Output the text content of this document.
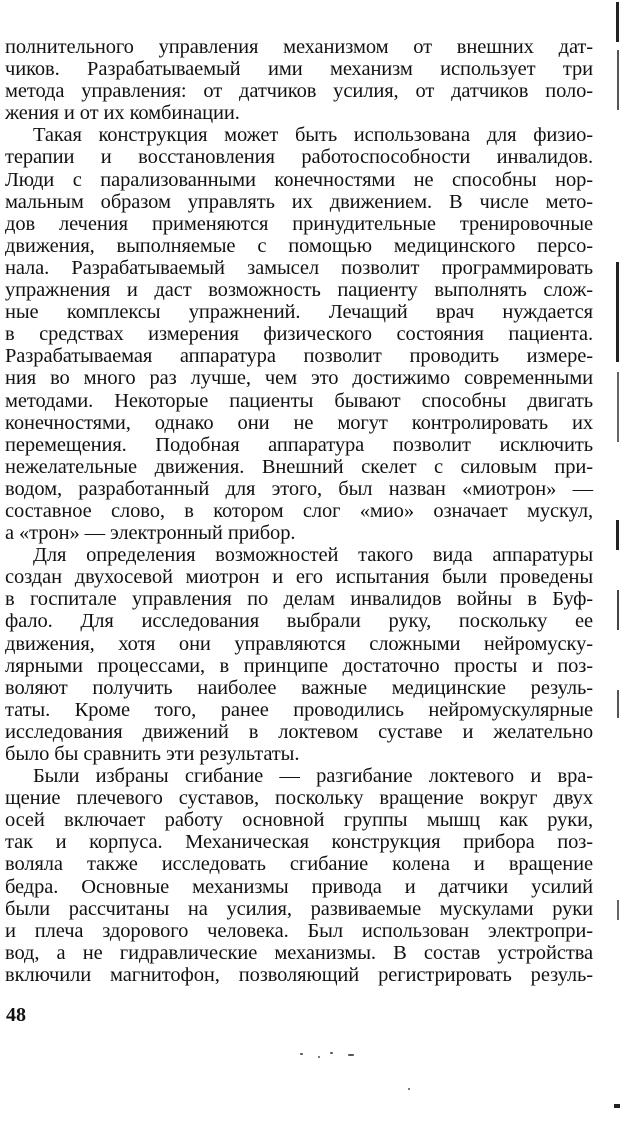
полнительного управления механизмом от внешних дат-
чиков. Разрабатываемый ими механизм использует три
метода управления: от датчиков усилия, от датчиков поло-
жения и от их комбинации.
Такая конструкция может быть использована для физио-
терапии и восстановления работоспособности инвалидов.
Люди с парализованными конечностями не способны нор-
мальным образом управлять их движением. В числе мето-
дов лечения применяются принудительные тренировочные
движения, выполняемые с помощью медицинского персо-
нала. Разрабатываемый замысел позволит программировать
упражнения и даст возможность пациенту выполнять слож-
ные комплексы упражнений. Лечащий врач нуждается
в средствах измерения физического состояния пациента.
Разрабатываемая аппаратура позволит проводить измере-
ния во много раз лучше, чем это достижимо современными
методами. Некоторые пациенты бывают способны двигать
конечностями, однако они не могут контролировать их
перемещения. Подобная аппаратура позволит исключить
нежелательные движения. Внешний скелет с силовым при-
водом, разработанный для этого, был назван «миотрон» —
составное слово, в котором слог «мио» означает мускул,
а «трон» — электронный прибор.
Для определения возможностей такого вида аппаратуры
создан двухосевой миотрон и его испытания были проведены
в госпитале управления по делам инвалидов войны в Буф-
фало. Для исследования выбрали руку, поскольку ее
движения, хотя они управляются сложными нейромуску-
лярными процессами, в принципе достаточно просты и поз-
воляют получить наиболее важные медицинские резуль-
таты. Кроме того, ранее проводились нейромускулярные
исследования движений в локтевом суставе и желательно
было бы сравнить эти результаты.
Были избраны сгибание — разгибание локтевого и вра-
щение плечевого суставов, поскольку вращение вокруг двух
осей включает работу основной группы мышц как руки,
так и корпуса. Механическая конструкция прибора поз-
воляла также исследовать сгибание колена и вращение
бедра. Основные механизмы привода и датчики усилий
были рассчитаны на усилия, развиваемые мускулами руки
и плеча здорового человека. Был использован электропри-
вод, а не гидравлические механизмы. В состав устройства
включили магнитофон, позволяющий регистрировать резуль-
48
